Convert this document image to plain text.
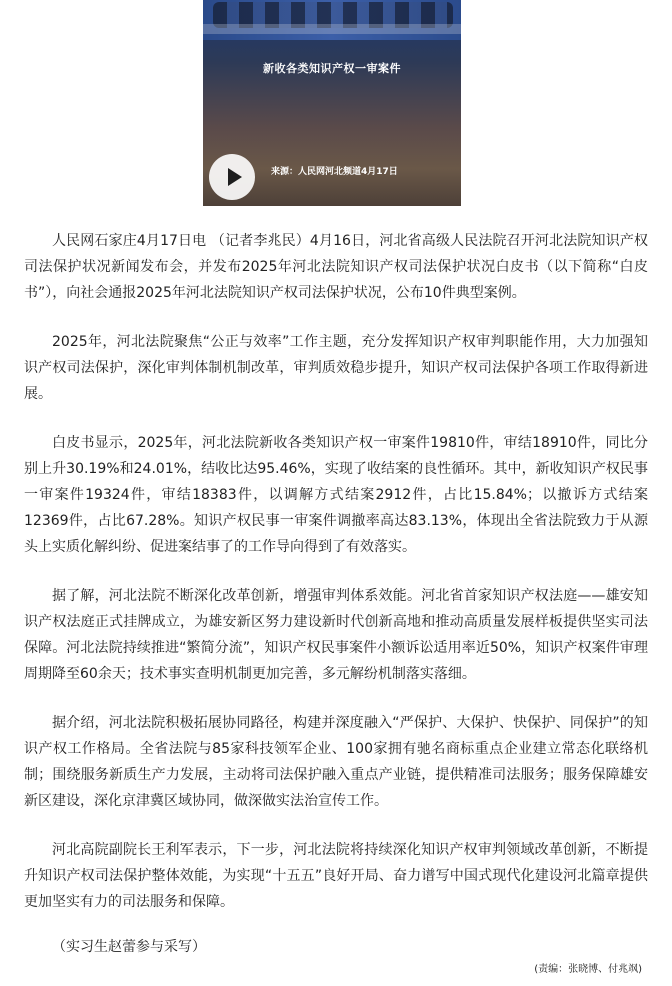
新收各类知识产权一审案件
来源：人民网河北频道4月17日

人民网石家庄4月17日电 （记者李兆民）4月16日，河北省高级人民法院召开河北法院知识产权司法保护状况新闻发布会，并发布2025年河北法院知识产权司法保护状况白皮书（以下简称“白皮书”），向社会通报2025年河北法院知识产权司法保护状况，公布10件典型案例。

2025年，河北法院聚焦“公正与效率”工作主题，充分发挥知识产权审判职能作用，大力加强知识产权司法保护，深化审判体制机制改革，审判质效稳步提升，知识产权司法保护各项工作取得新进展。

白皮书显示，2025年，河北法院新收各类知识产权一审案件19810件，审结18910件，同比分别上升30.19%和24.01%，结收比达95.46%，实现了收结案的良性循环。其中，新收知识产权民事一审案件19324件，审结18383件，以调解方式结案2912件，占比15.84%；以撤诉方式结案12369件，占比67.28%。知识产权民事一审案件调撤率高达83.13%，体现出全省法院致力于从源头上实质化解纠纷、促进案结事了的工作导向得到了有效落实。

据了解，河北法院不断深化改革创新，增强审判体系效能。河北省首家知识产权法庭——雄安知识产权法庭正式挂牌成立，为雄安新区努力建设新时代创新高地和推动高质量发展样板提供坚实司法保障。河北法院持续推进“繁简分流”，知识产权民事案件小额诉讼适用率近50%，知识产权案件审理周期降至60余天；技术事实查明机制更加完善，多元解纷机制落实落细。

据介绍，河北法院积极拓展协同路径，构建并深度融入“严保护、大保护、快保护、同保护”的知识产权工作格局。全省法院与85家科技领军企业、100家拥有驰名商标重点企业建立常态化联络机制；围绕服务新质生产力发展，主动将司法保护融入重点产业链，提供精准司法服务；服务保障雄安新区建设，深化京津冀区域协同，做深做实法治宣传工作。

河北高院副院长王利军表示，下一步，河北法院将持续深化知识产权审判领域改革创新，不断提升知识产权司法保护整体效能，为实现“十五五”良好开局、奋力谱写中国式现代化建设河北篇章提供更加坚实有力的司法服务和保障。

（实习生赵蕾参与采写）

(责编：张晓博、付兆飒)
